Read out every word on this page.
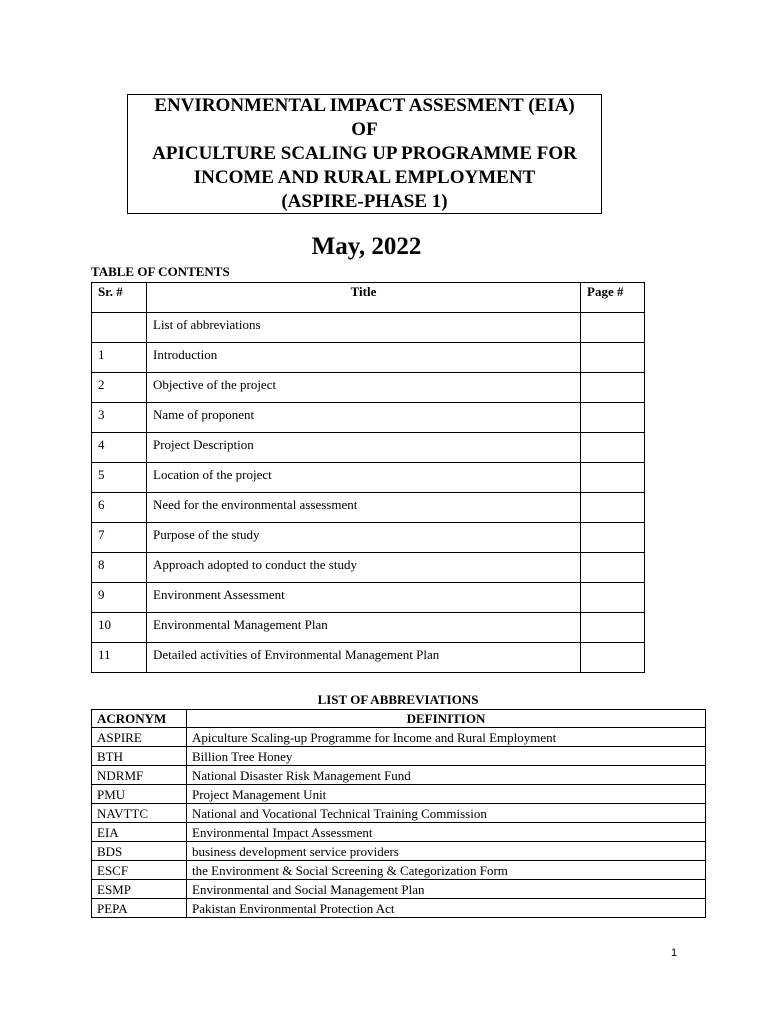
ENVIRONMENTAL IMPACT ASSESMENT (EIA)
OF
APICULTURE SCALING UP PROGRAMME FOR
INCOME AND RURAL EMPLOYMENT
(ASPIRE-PHASE 1)
May, 2022
TABLE OF CONTENTS
Sr. #	Title	Page #
	List of abbreviations	
1	Introduction	
2	Objective of the project	
3	Name of proponent	
4	Project Description	
5	Location of the project	
6	Need for the environmental assessment	
7	Purpose of the study	
8	Approach adopted to conduct the study	
9	Environment Assessment	
10	Environmental Management Plan	
11	Detailed activities of Environmental Management Plan	
LIST OF ABBREVIATIONS
ACRONYM	DEFINITION
ASPIRE	Apiculture Scaling-up Programme for Income and Rural Employment
BTH	Billion Tree Honey
NDRMF	National Disaster Risk Management Fund
PMU	Project Management Unit
NAVTTC	National and Vocational Technical Training Commission
EIA	Environmental Impact Assessment
BDS	business development service providers
ESCF	the Environment & Social Screening & Categorization Form
ESMP	Environmental and Social Management Plan
PEPA	Pakistan Environmental Protection Act
1
